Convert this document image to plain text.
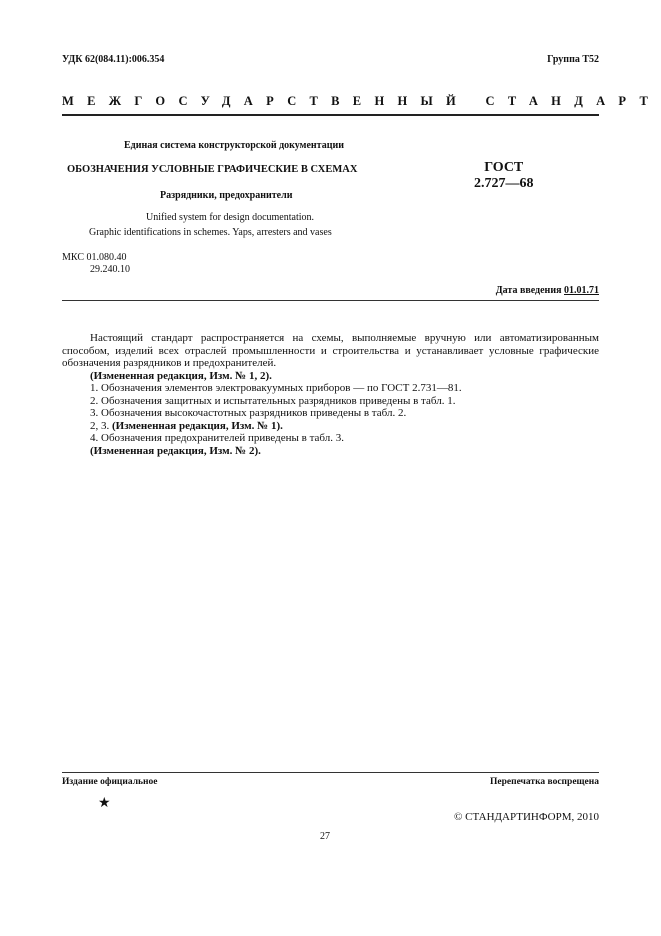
УДК 62(084.11):006.354	Группа Т52
МЕЖГОСУДАРСТВЕННЫЙ СТАНДАРТ
Единая система конструкторской документации
ОБОЗНАЧЕНИЯ УСЛОВНЫЕ ГРАФИЧЕСКИЕ В СХЕМАХ	ГОСТ
2.727—68
Разрядники, предохранители
Unified system for design documentation.
Graphic identifications in schemes. Yaps, arresters and vases
МКС 01.080.40
29.240.10
Дата введения 01.01.71

Настоящий стандарт распространяется на схемы, выполняемые вручную или автоматизированным способом, изделий всех отраслей промышленности и строительства и устанавливает условные графические обозначения разрядников и предохранителей.

(Измененная редакция, Изм. № 1, 2).

1. Обозначения элементов электровакуумных приборов — по ГОСТ 2.731—81.

2. Обозначения защитных и испытательных разрядников приведены в табл. 1.

3. Обозначения высокочастотных разрядников приведены в табл. 2.

2, 3. (Измененная редакция, Изм. № 1).

4. Обозначения предохранителей приведены в табл. 3.

(Измененная редакция, Изм. № 2).

Издание официальное	Перепечатка воспрещена
★
© СТАНДАРТИНФОРМ, 2010
27
